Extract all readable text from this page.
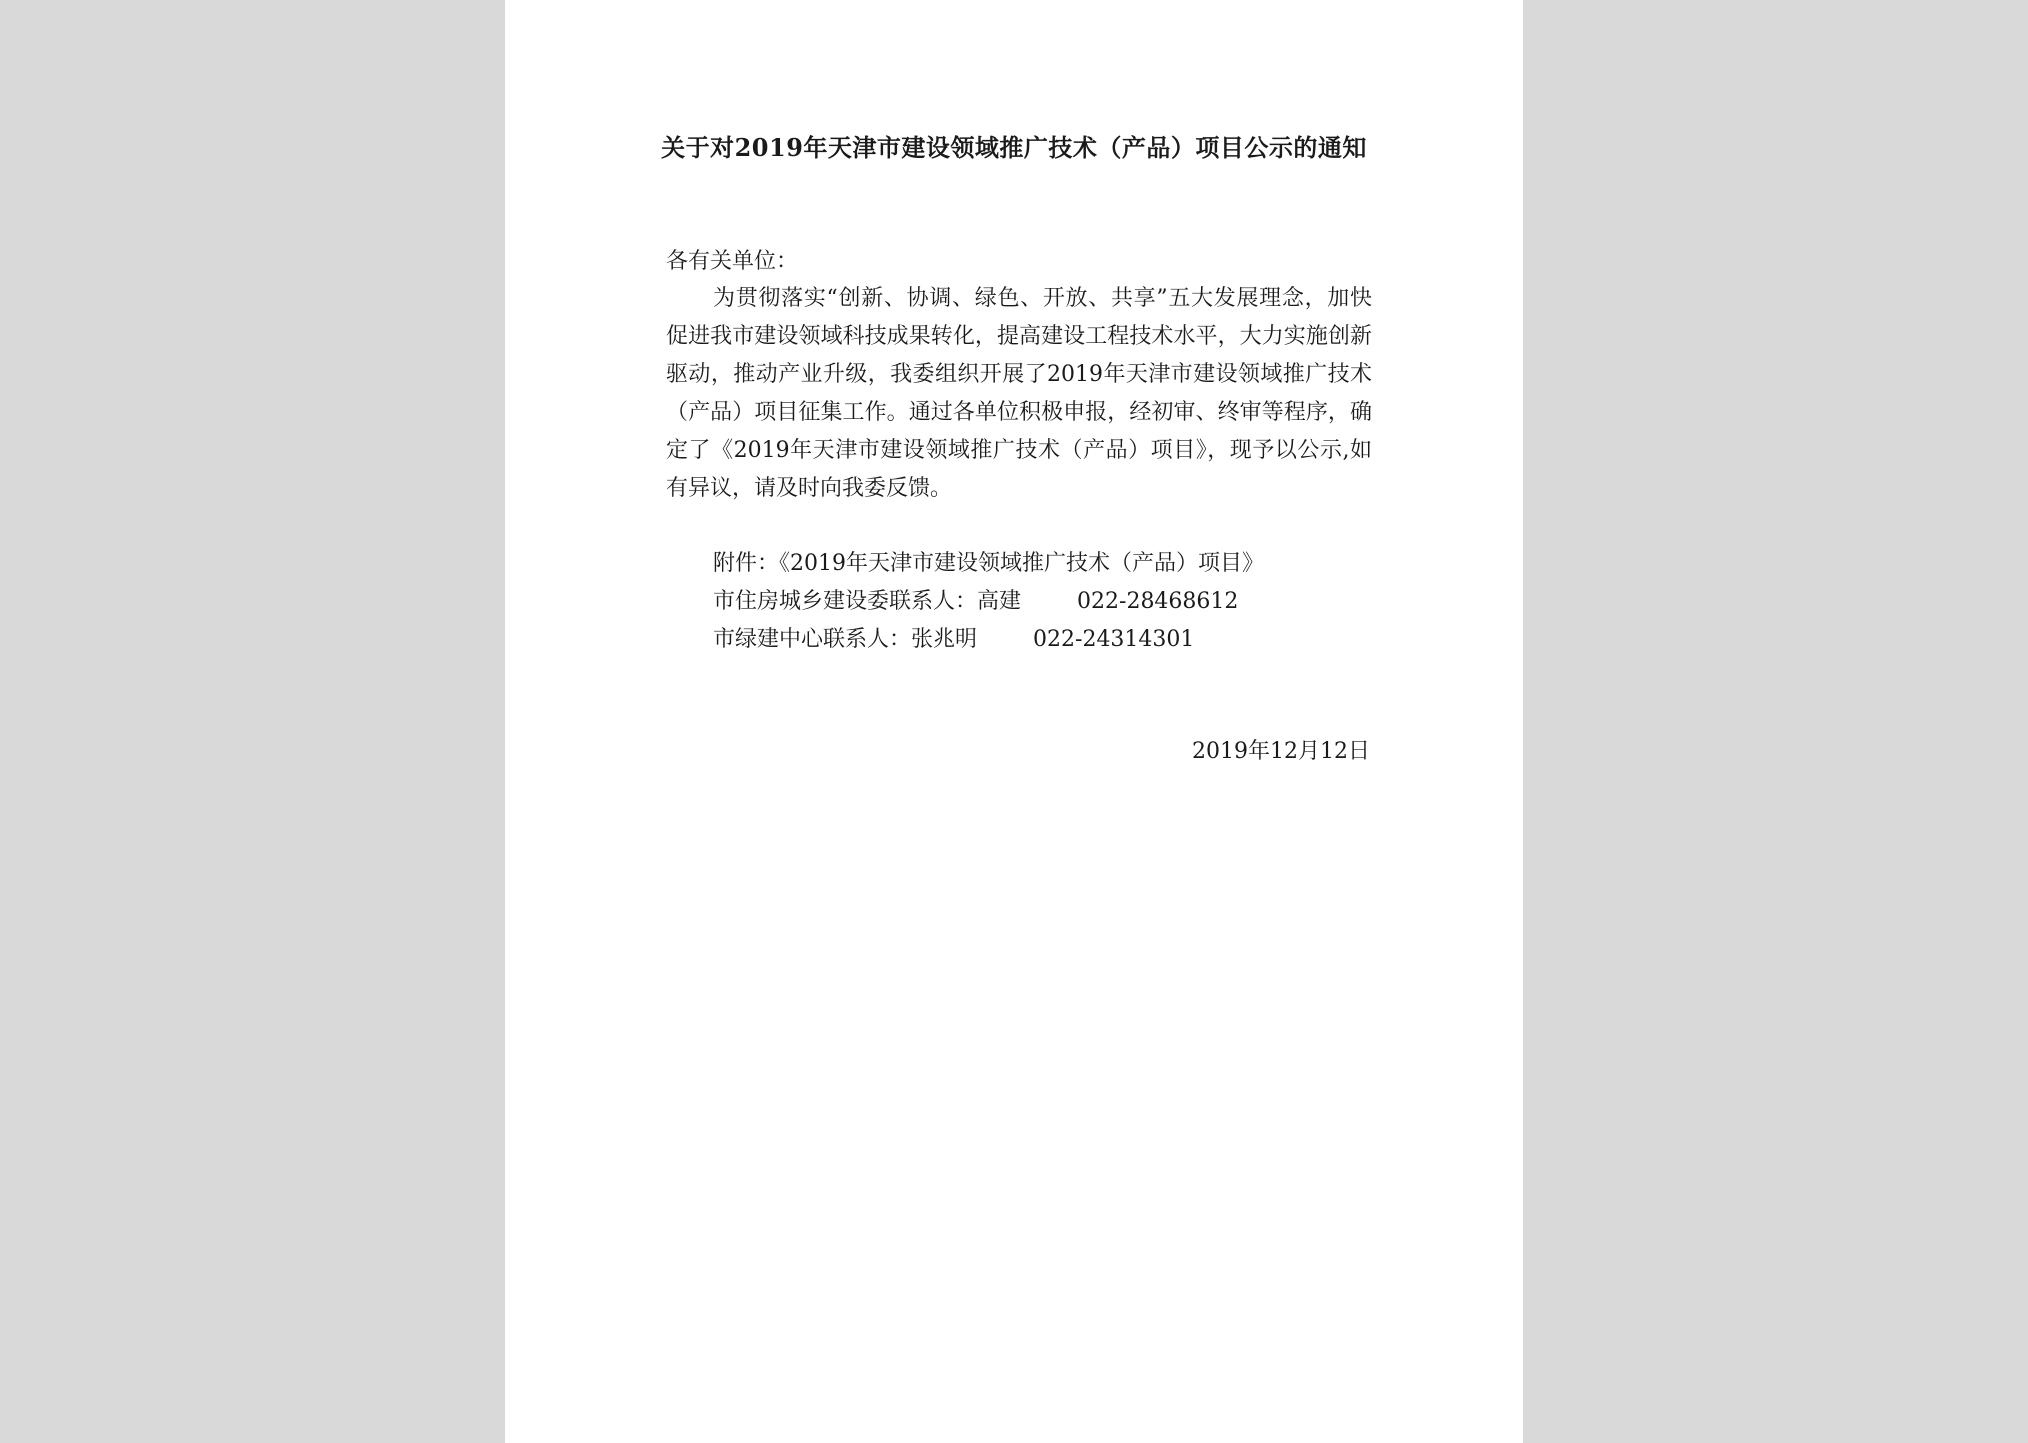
关于对2019年天津市建设领域推广技术（产品）项目公示的通知

各有关单位：

为贯彻落实“创新、协调、绿色、开放、共享”五大发展理念，加快促进我市建设领域科技成果转化，提高建设工程技术水平，大力实施创新驱动，推动产业升级，我委组织开展了2019年天津市建设领域推广技术（产品）项目征集工作。通过各单位积极申报，经初审、终审等程序，确定了《2019年天津市建设领域推广技术（产品）项目》，现予以公示,如有异议，请及时向我委反馈。

附件：《2019年天津市建设领域推广技术（产品）项目》

市住房城乡建设委联系人：高建	022-28468612

市绿建中心联系人：张兆明	022-24314301

2019年12月12日
